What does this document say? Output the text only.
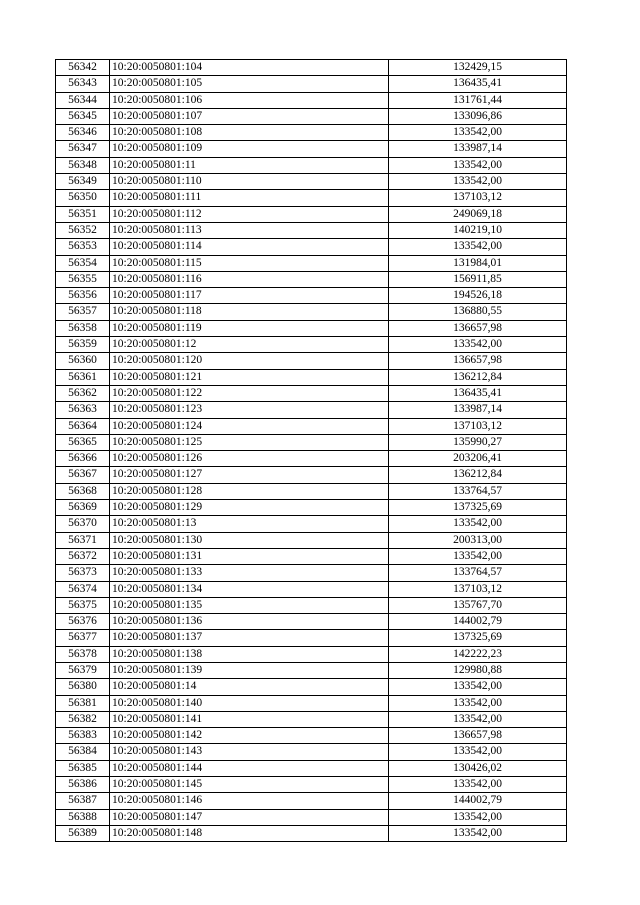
56342	10:20:0050801:104	132429,15
56343	10:20:0050801:105	136435,41
56344	10:20:0050801:106	131761,44
56345	10:20:0050801:107	133096,86
56346	10:20:0050801:108	133542,00
56347	10:20:0050801:109	133987,14
56348	10:20:0050801:11	133542,00
56349	10:20:0050801:110	133542,00
56350	10:20:0050801:111	137103,12
56351	10:20:0050801:112	249069,18
56352	10:20:0050801:113	140219,10
56353	10:20:0050801:114	133542,00
56354	10:20:0050801:115	131984,01
56355	10:20:0050801:116	156911,85
56356	10:20:0050801:117	194526,18
56357	10:20:0050801:118	136880,55
56358	10:20:0050801:119	136657,98
56359	10:20:0050801:12	133542,00
56360	10:20:0050801:120	136657,98
56361	10:20:0050801:121	136212,84
56362	10:20:0050801:122	136435,41
56363	10:20:0050801:123	133987,14
56364	10:20:0050801:124	137103,12
56365	10:20:0050801:125	135990,27
56366	10:20:0050801:126	203206,41
56367	10:20:0050801:127	136212,84
56368	10:20:0050801:128	133764,57
56369	10:20:0050801:129	137325,69
56370	10:20:0050801:13	133542,00
56371	10:20:0050801:130	200313,00
56372	10:20:0050801:131	133542,00
56373	10:20:0050801:133	133764,57
56374	10:20:0050801:134	137103,12
56375	10:20:0050801:135	135767,70
56376	10:20:0050801:136	144002,79
56377	10:20:0050801:137	137325,69
56378	10:20:0050801:138	142222,23
56379	10:20:0050801:139	129980,88
56380	10:20:0050801:14	133542,00
56381	10:20:0050801:140	133542,00
56382	10:20:0050801:141	133542,00
56383	10:20:0050801:142	136657,98
56384	10:20:0050801:143	133542,00
56385	10:20:0050801:144	130426,02
56386	10:20:0050801:145	133542,00
56387	10:20:0050801:146	144002,79
56388	10:20:0050801:147	133542,00
56389	10:20:0050801:148	133542,00
